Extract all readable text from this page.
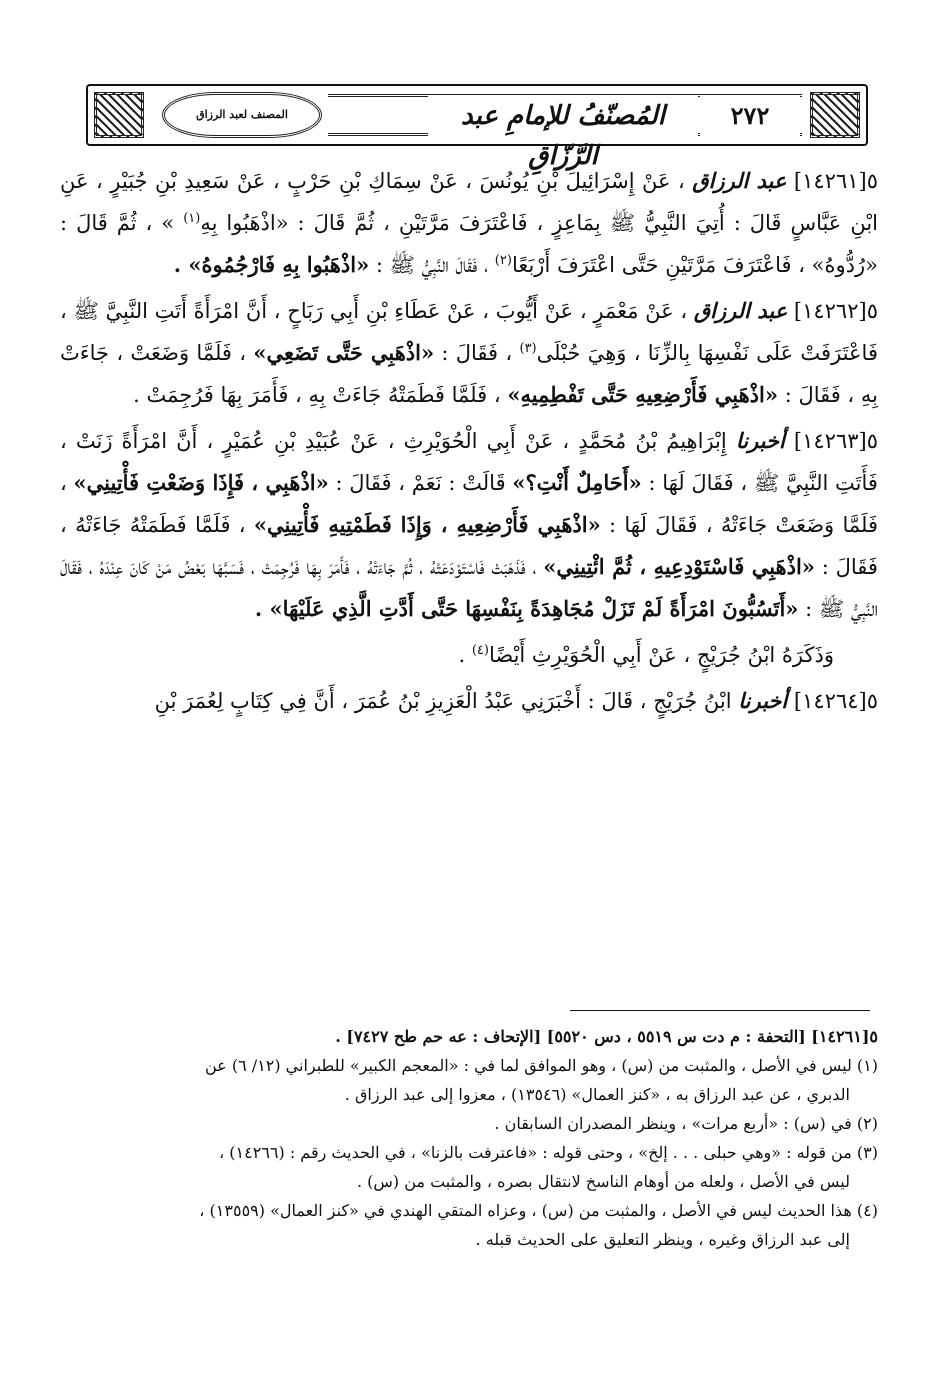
المصنف لعبد الرزاق	المُصنّفُ للإمامِ عبد الرَّزّاقِ
٢٧٢

٥[١٤٢٦١] عبد الرزاق ، عَنْ إِسْرَائِيلَ بْنِ يُونُسَ ، عَنْ سِمَاكِ بْنِ حَرْبٍ ، عَنْ سَعِيدِ بْنِ جُبَيْرٍ ، عَنِ ابْنِ عَبَّاسٍ قَالَ : أُتِيَ النَّبِيُّ ﷺ بِمَاعِزٍ ، فَاعْتَرَفَ مَرَّتَيْنِ ، ثُمَّ قَالَ : «اذْهَبُوا بِهِ$^{(١)}$ » ، ثُمَّ قَالَ : «رُدُّوهُ» ، فَاعْتَرَفَ مَرَّتَيْنِ حَتَّى اعْتَرَفَ أَرْبَعًا$^{(٢)}$ ، فَقَالَ النَّبِيُّ ﷺ : «اذْهَبُوا بِهِ فَارْجُمُوهُ» .

٥[١٤٢٦٢] عبد الرزاق ، عَنْ مَعْمَرٍ ، عَنْ أَيُّوبَ ، عَنْ عَطَاءِ بْنِ أَبِي رَبَاحٍ ، أَنَّ امْرَأَةً أَتَتِ النَّبِيَّ ﷺ ، فَاعْتَرَفَتْ عَلَى نَفْسِهَا بِالزِّنَا ، وَهِيَ حُبْلَى$^{(٣)}$ ، فَقَالَ : «اذْهَبِي حَتَّى تَضَعِي» ، فَلَمَّا وَضَعَتْ ، جَاءَتْ بِهِ ، فَقَالَ : «اذْهَبِي فَأَرْضِعِيهِ حَتَّى تَفْطِمِيهِ» ، فَلَمَّا فَطَمَتْهُ جَاءَتْ بِهِ ، فَأَمَرَ بِهَا فَرُجِمَتْ .

٥[١٤٢٦٣] أخبرنا إِبْرَاهِيمُ بْنُ مُحَمَّدٍ ، عَنْ أَبِي الْحُوَيْرِثِ ، عَنْ عُبَيْدِ بْنِ عُمَيْرٍ ، أَنَّ امْرَأَةً زَنَتْ ، فَأَتَتِ النَّبِيَّ ﷺ ، فَقَالَ لَهَا : «أَحَامِلٌ أَنْتِ؟» قَالَتْ : نَعَمْ ، فَقَالَ : «اذْهَبِي ، فَإِذَا وَضَعْتِ فَأْتِينِي» ، فَلَمَّا وَضَعَتْ جَاءَتْهُ ، فَقَالَ لَهَا : «اذْهَبِي فَأَرْضِعِيهِ ، وَإِذَا فَطَمْتِيهِ فَأْتِينِي» ، فَلَمَّا فَطَمَتْهُ جَاءَتْهُ ، فَقَالَ : «اذْهَبِي فَاسْتَوْدِعِيهِ ، ثُمَّ ائْتِينِي» ، فَذَهَبَتْ فَاسْتَوْدَعَتْهُ ، ثُمَّ جَاءَتْهُ ، فَأَمَرَ بِهَا فَرُجِمَتْ ، فَسَبَّهَا بَعْضُ مَنْ كَانَ عِنْدَهُ ، فَقَالَ النَّبِيُّ ﷺ : «أَتَسُبُّونَ امْرَأَةً لَمْ تَزَلْ مُجَاهِدَةً بِنَفْسِهَا حَتَّى أَدَّتِ الَّذِي عَلَيْهَا» .

وَذَكَرَهُ ابْنُ جُرَيْجٍ ، عَنْ أَبِي الْحُوَيْرِثِ أَيْضًا$^{(٤)}$ .

٥[١٤٢٦٤] أخبرنا ابْنُ جُرَيْجٍ ، قَالَ : أَخْبَرَنِي عَبْدُ الْعَزِيزِ بْنُ عُمَرَ ، أَنَّ فِي كِتَابٍ لِعُمَرَ بْنِ

٥[١٤٢٦١] [التحفة : م دت س ٥٥١٩ ، دس ٥٥٢٠] [الإتحاف : عه حم طح ٧٤٢٧] .

(١) ليس في الأصل ، والمثبت من (س) ، وهو الموافق لما في : «المعجم الكبير» للطبراني (١٢/ ٦) عن

الدبري ، عن عبد الرزاق به ، «كنز العمال» (١٣٥٤٦) ، معزوا إلى عبد الرزاق .

(٢) في (س) : «أربع مرات» ، وينظر المصدران السابقان .

(٣) من قوله : «وهي حبلى . . . إلخ» ، وحتى قوله : «فاعترفت بالزنا» ، في الحديث رقم : (١٤٢٦٦) ،

ليس في الأصل ، ولعله من أوهام الناسخ لانتقال بصره ، والمثبت من (س) .

(٤) هذا الحديث ليس في الأصل ، والمثبت من (س) ، وعزاه المتقي الهندي في «كنز العمال» (١٣٥٥٩) ،

إلى عبد الرزاق وغيره ، وينظر التعليق على الحديث قبله .
